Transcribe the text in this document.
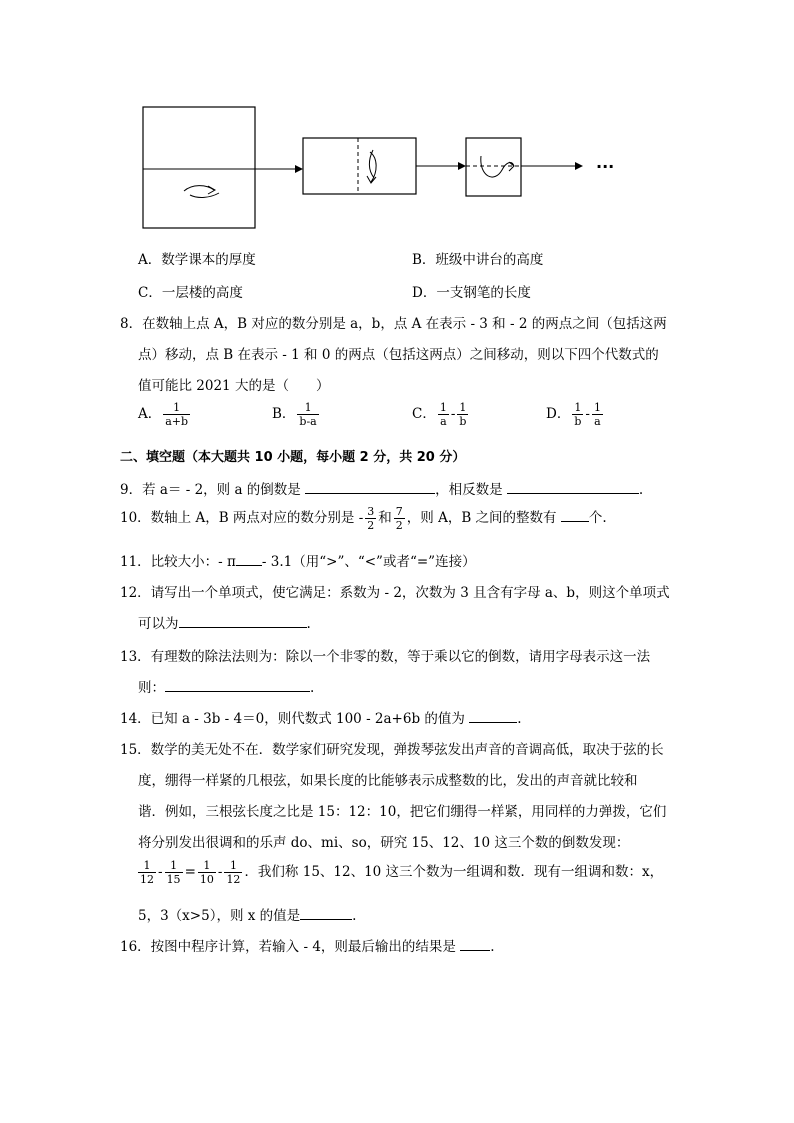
···
A．数学课本的厚度	B．班级中讲台的高度
C．一层楼的高度	D．一支钢笔的长度
8．在数轴上点 A，B 对应的数分别是 a，b，点 A 在表示 - 3 和 - 2 的两点之间（包括这两
点）移动，点 B 在表示 - 1 和 0 的两点（包括这两点）之间移动，则以下四个代数式的
值可能比 2021 大的是（　　）
A． $\frac{1}{a+b}$	B． $\frac{1}{b-a}$	C． $\frac{1}{a} - \frac{1}{b}$	D． $\frac{1}{b} - \frac{1}{a}$
二、填空题（本大题共 10 小题，每小题 2 分，共 20 分）
9．若 a＝ - 2，则 a 的倒数是	，相反数是	.
10．数轴上 A，B 两点对应的数分别是 - $\frac{3}{2}$ 和 $\frac{7}{2}$ ，则 A，B 之间的整数有 个.
11．比较大小：- π - 3.1（用“>”、“<”或者“=”连接）
12．请写出一个单项式，使它满足：系数为 - 2，次数为 3 且含有字母 a、b，则这个单项式
可以为	.
13．有理数的除法法则为：除以一个非零的数，等于乘以它的倒数，请用字母表示这一法
则：	.
14．已知 a - 3b - 4＝0，则代数式 100 - 2a+6b 的值为	.
15．数学的美无处不在．数学家们研究发现，弹拨琴弦发出声音的音调高低，取决于弦的长
度，绷得一样紧的几根弦，如果长度的比能够表示成整数的比，发出的声音就比较和
谐．例如，三根弦长度之比是 15：12：10，把它们绷得一样紧，用同样的力弹拨，它们
将分别发出很调和的乐声 do、mi、so，研究 15、12、10 这三个数的倒数发现：
$\frac{1}{12} - \frac{1}{15} = \frac{1}{10} - \frac{1}{12}$ ．我们称 15、12、10 这三个数为一组调和数．现有一组调和数：x，
5，3（x>5），则 x 的值是	.
16．按图中程序计算，若输入 - 4，则最后输出的结果是	.
